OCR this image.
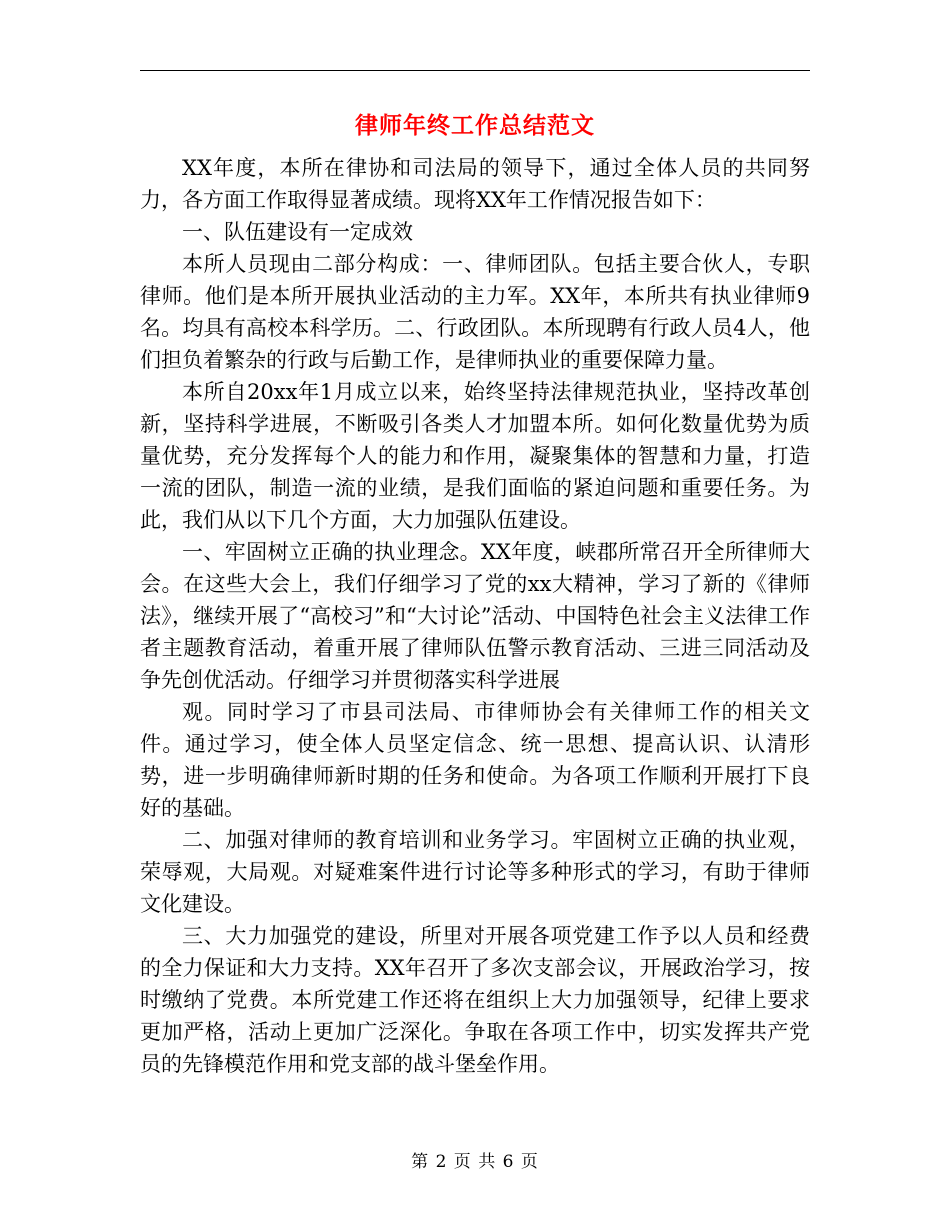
律师年终工作总结范文

XX年度，本所在律协和司法局的领导下，通过全体人员的共同努力，各方面工作取得显著成绩。现将XX年工作情况报告如下：

一、队伍建设有一定成效

本所人员现由二部分构成：一、律师团队。包括主要合伙人，专职律师。他们是本所开展执业活动的主力军。XX年，本所共有执业律师9名。均具有高校本科学历。二、行政团队。本所现聘有行政人员4人，他们担负着繁杂的行政与后勤工作，是律师执业的重要保障力量。

本所自20xx年1月成立以来，始终坚持法律规范执业，坚持改革创新，坚持科学进展，不断吸引各类人才加盟本所。如何化数量优势为质量优势，充分发挥每个人的能力和作用，凝聚集体的智慧和力量，打造一流的团队，制造一流的业绩，是我们面临的紧迫问题和重要任务。为此，我们从以下几个方面，大力加强队伍建设。

一、牢固树立正确的执业理念。XX年度，峡郡所常召开全所律师大会。在这些大会上，我们仔细学习了党的xx大精神，学习了新的《律师法》，继续开展了“高校习”和“大讨论”活动、中国特色社会主义法律工作者主题教育活动，着重开展了律师队伍警示教育活动、三进三同活动及争先创优活动。仔细学习并贯彻落实科学进展

观。同时学习了市县司法局、市律师协会有关律师工作的相关文件。通过学习，使全体人员坚定信念、统一思想、提高认识、认清形势，进一步明确律师新时期的任务和使命。为各项工作顺利开展打下良好的基础。

二、加强对律师的教育培训和业务学习。牢固树立正确的执业观，荣辱观，大局观。对疑难案件进行讨论等多种形式的学习，有助于律师文化建设。

三、大力加强党的建设，所里对开展各项党建工作予以人员和经费的全力保证和大力支持。XX年召开了多次支部会议，开展政治学习，按时缴纳了党费。本所党建工作还将在组织上大力加强领导，纪律上要求更加严格，活动上更加广泛深化。争取在各项工作中，切实发挥共产党员的先锋模范作用和党支部的战斗堡垒作用。

第 2 页 共 6 页
